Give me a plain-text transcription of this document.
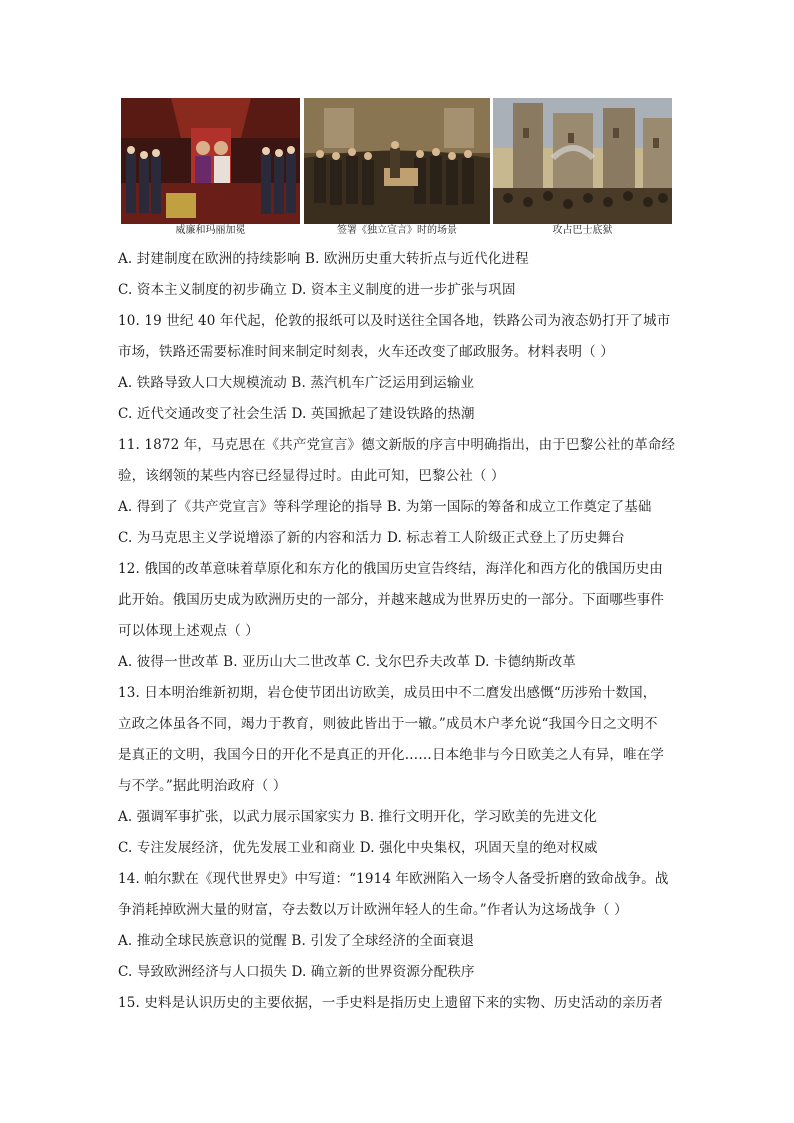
威廉和玛丽加冕	签署《独立宣言》时的场景	攻占巴士底狱
A. 封建制度在欧洲的持续影响 B. 欧洲历史重大转折点与近代化进程
C. 资本主义制度的初步确立 D. 资本主义制度的进一步扩张与巩固
10. 19 世纪 40 年代起，伦敦的报纸可以及时送往全国各地，铁路公司为液态奶打开了城市
市场，铁路还需要标准时间来制定时刻表，火车还改变了邮政服务。材料表明（ ）
A. 铁路导致人口大规模流动 B. 蒸汽机车广泛运用到运输业
C. 近代交通改变了社会生活 D. 英国掀起了建设铁路的热潮
11. 1872 年，马克思在《共产党宣言》德文新版的序言中明确指出，由于巴黎公社的革命经
验，该纲领的某些内容已经显得过时。由此可知，巴黎公社（ ）
A. 得到了《共产党宣言》等科学理论的指导 B. 为第一国际的筹备和成立工作奠定了基础
C. 为马克思主义学说增添了新的内容和活力 D. 标志着工人阶级正式登上了历史舞台
12. 俄国的改革意味着草原化和东方化的俄国历史宣告终结，海洋化和西方化的俄国历史由
此开始。俄国历史成为欧洲历史的一部分，并越来越成为世界历史的一部分。下面哪些事件
可以体现上述观点（ ）
A. 彼得一世改革 B. 亚历山大二世改革 C. 戈尔巴乔夫改革 D. 卡德纳斯改革
13. 日本明治维新初期，岩仓使节团出访欧美，成员田中不二麿发出感慨“历涉殆十数国，
立政之体虽各不同，竭力于教育，则彼此皆出于一辙。”成员木户孝允说“我国今日之文明不
是真正的文明，我国今日的开化不是真正的开化……日本绝非与今日欧美之人有异，唯在学
与不学。”据此明治政府（ ）
A. 强调军事扩张，以武力展示国家实力 B. 推行文明开化，学习欧美的先进文化
C. 专注发展经济，优先发展工业和商业 D. 强化中央集权，巩固天皇的绝对权威
14. 帕尔默在《现代世界史》中写道：“1914 年欧洲陷入一场令人备受折磨的致命战争。战
争消耗掉欧洲大量的财富，夺去数以万计欧洲年轻人的生命。”作者认为这场战争（ ）
A. 推动全球民族意识的觉醒 B. 引发了全球经济的全面衰退
C. 导致欧洲经济与人口损失 D. 确立新的世界资源分配秩序
15. 史料是认识历史的主要依据，一手史料是指历史上遗留下来的实物、历史活动的亲历者
